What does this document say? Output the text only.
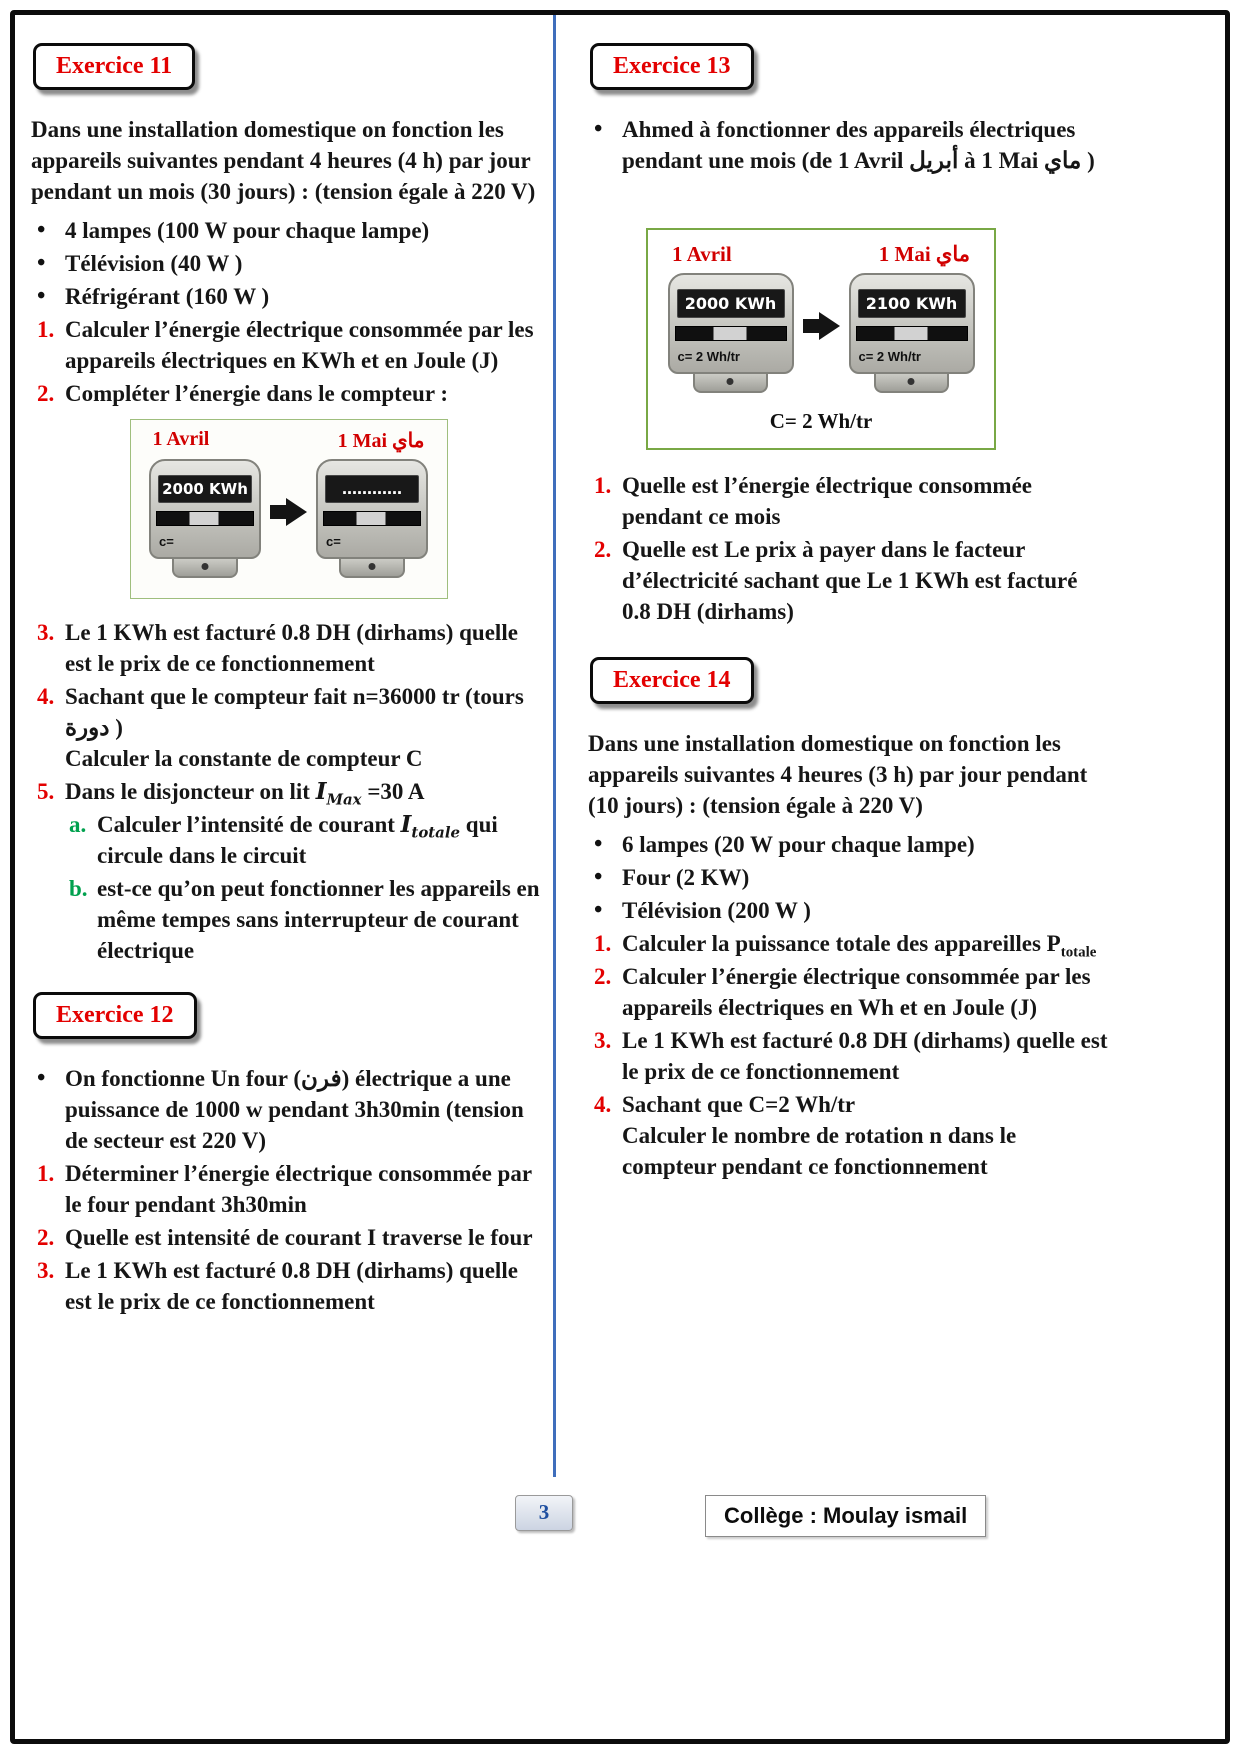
Exercice 11

Dans une installation domestique on fonction les appareils suivantes pendant 4 heures (4 h) par jour pendant un mois (30 jours) : (tension égale à 220 V)

• 4 lampes (100 W pour chaque lampe)
• Télévision (40 W )
• Réfrigérant (160 W )
1. Calculer l’énergie électrique consommée par les appareils électriques en KWh et en Joule (J)
2. Compléter l’énergie dans le compteur :
1 Avril	1 Mai ماي
2000 KWh
c=
…………
c=
3. Le 1 KWh est facturé 0.8 DH (dirhams) quelle est le prix de ce fonctionnement
4. Sachant que le compteur fait n=36000 tr (tours دورة )
Calculer la constante de compteur C
5. Dans le disjoncteur on lit $I_{Max} =30$ A
a. Calculer l’intensité de courant $I_{totale}$ qui circule dans le circuit
b. est-ce qu’on peut fonctionner les appareils en même tempes sans interrupteur de courant électrique
Exercice 12
• On fonctionne Un four (فرن) électrique a une puissance de 1000 w pendant 3h30min (tension de secteur est 220 V)
1. Déterminer l’énergie électrique consommée par le four pendant 3h30min
2. Quelle est intensité de courant I traverse le four
3. Le 1 KWh est facturé 0.8 DH (dirhams) quelle est le prix de ce fonctionnement
Exercice 13
• Ahmed à fonctionner des appareils électriques pendant une mois (de 1 Avril أبريل à 1 Mai ماي )
1 Avril	1 Mai ماي
2000 KWh
c= 2 Wh/tr
2100 KWh
c= 2 Wh/tr
C= 2 Wh/tr
1. Quelle est l’énergie électrique consommée pendant ce mois
2. Quelle est Le prix à payer dans le facteur d’électricité sachant que Le 1 KWh est facturé 0.8 DH (dirhams)
Exercice 14

Dans une installation domestique on fonction les appareils suivantes 4 heures (3 h) par jour pendant (10 jours) : (tension égale à 220 V)

• 6 lampes (20 W pour chaque lampe)
• Four (2 KW)
• Télévision (200 W )
1. Calculer la puissance totale des appareilles $P_{totale}$
2. Calculer l’énergie électrique consommée par les appareils électriques en Wh et en Joule (J)
3. Le 1 KWh est facturé 0.8 DH (dirhams) quelle est le prix de ce fonctionnement
4. Sachant que C=2 Wh/tr
Calculer le nombre de rotation n dans le compteur pendant ce fonctionnement
3	Collège : Moulay ismail
